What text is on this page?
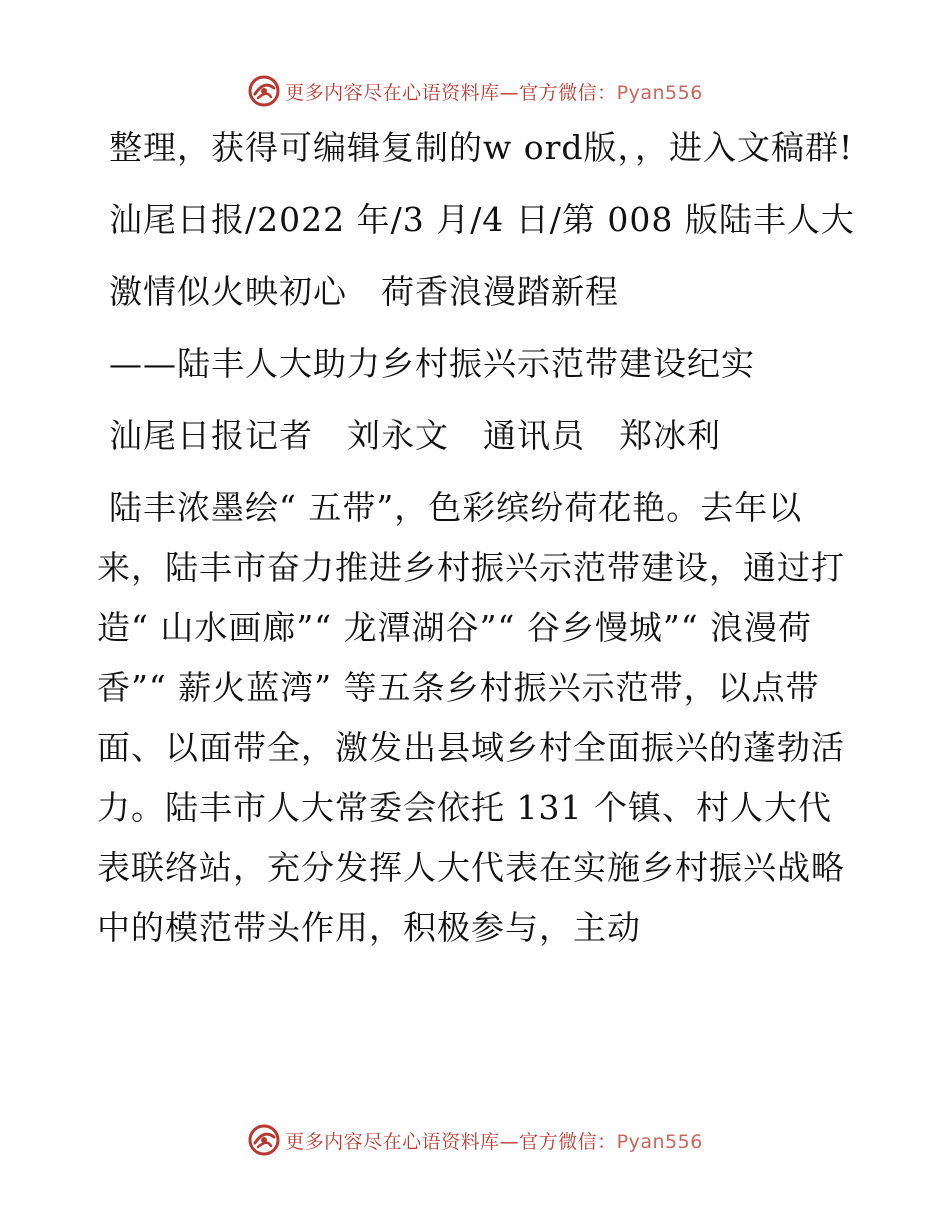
更多内容尽在心语资料库—官方微信：Pyan556

整理，获得可编辑复制的w ord版，，进入文稿群!

汕尾日报/2022 年/3 月/4 日/第 008 版陆丰人大

激情似火映初心　荷香浪漫踏新程

——陆丰人大助力乡村振兴示范带建设纪实

汕尾日报记者　刘永文　通讯员　郑冰利

陆丰浓墨绘“ 五带”，色彩缤纷荷花艳。去年以来，陆丰市奋力推进乡村振兴示范带建设，通过打造“ 山水画廊”“ 龙潭湖谷”“ 谷乡慢城”“ 浪漫荷香”“ 薪火蓝湾” 等五条乡村振兴示范带，以点带面、以面带全，激发出县域乡村全面振兴的蓬勃活力。陆丰市人大常委会依托 131 个镇、村人大代表联络站，充分发挥人大代表在实施乡村振兴战略中的模范带头作用，积极参与，主动

更多内容尽在心语资料库—官方微信：Pyan556
